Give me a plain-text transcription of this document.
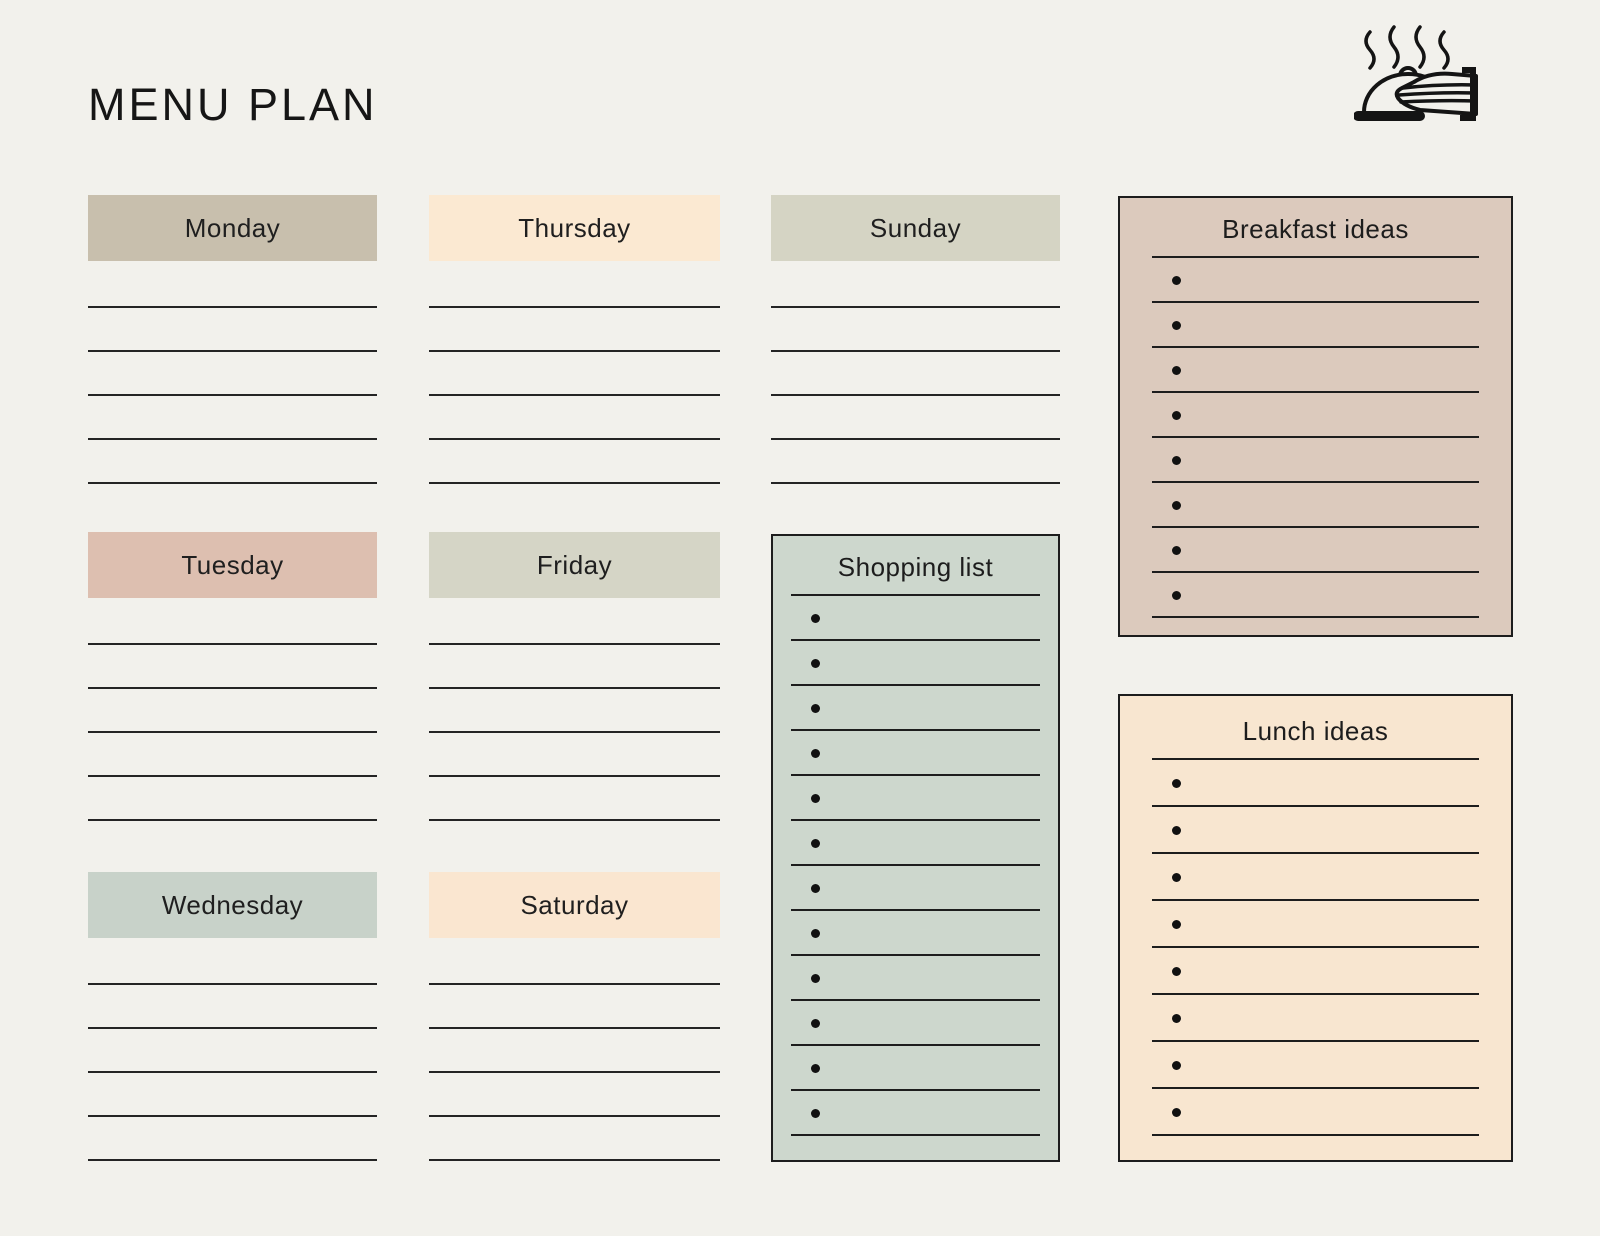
MENU PLAN
Monday
Tuesday
Wednesday
Thursday
Friday
Saturday
Sunday
Shopping list
Breakfast ideas
Lunch ideas
